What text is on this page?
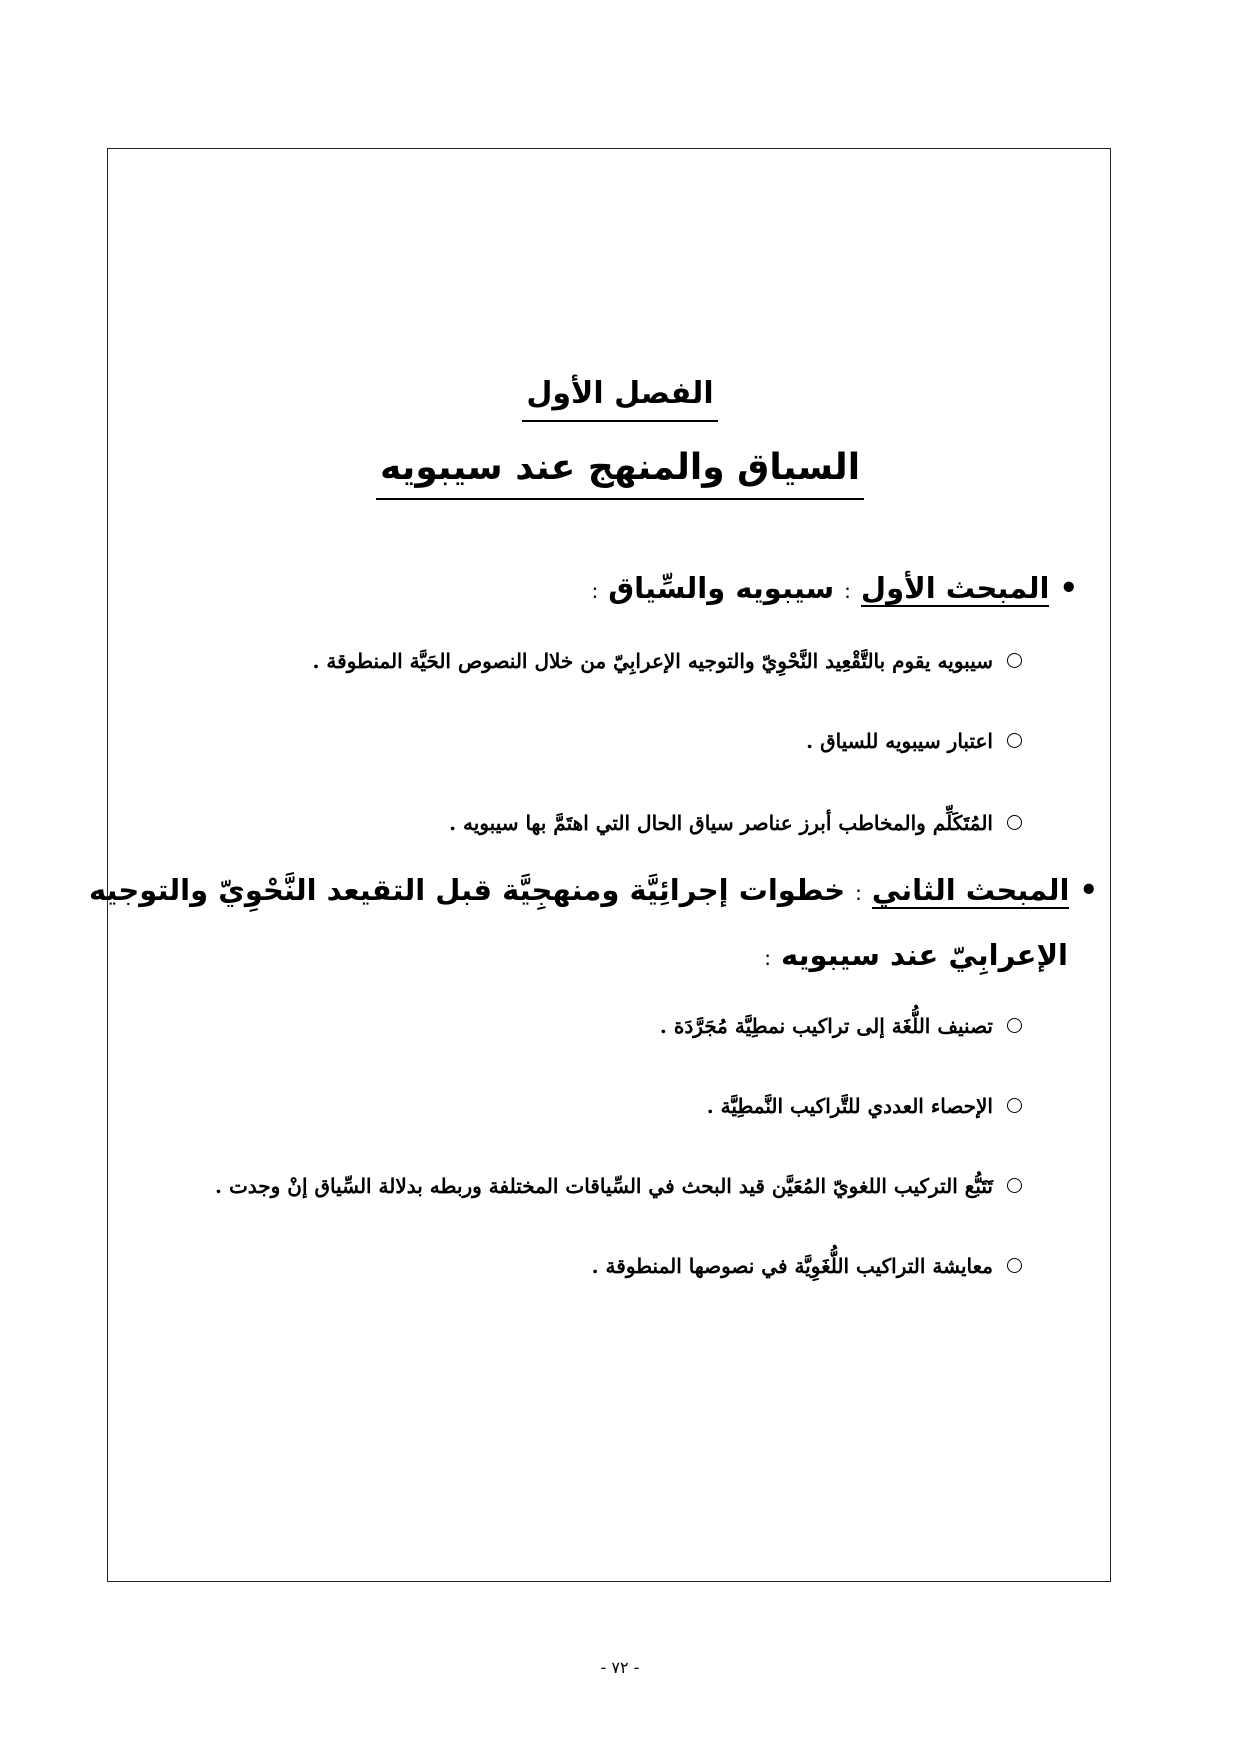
الفصل الأول
السياق والمنهج عند سيبويه
•المبحث الأول:سيبويه والسِّياق:
سيبويه يقوم بالتَّقْعِيد النَّحْوِيّ والتوجيه الإعرابِيّ من خلال النصوص الحَيَّة المنطوقة .
اعتبار سيبويه للسياق .
المُتَكَلِّم والمخاطب أبرز عناصر سياق الحال التي اهتَمَّ بها سيبويه .
•المبحث الثاني:خطوات إجرائِيَّة ومنهجِيَّة قبل التقيعد النَّحْوِيّ والتوجيه
الإعرابِيّ عند سيبويه:
تصنيف اللُّغَة إلى تراكيب نمطِيَّة مُجَرَّدَة .
الإحصاء العددي للتَّراكيب النَّمطِيَّة .
تَتَبُّع التركيب اللغويّ المُعَيَّن قيد البحث في السِّياقات المختلفة وربطه بدلالة السِّياق إنْ وجدت .
معايشة التراكيب اللُّغَوِيَّة في نصوصها المنطوقة .
- ٧٢ -
